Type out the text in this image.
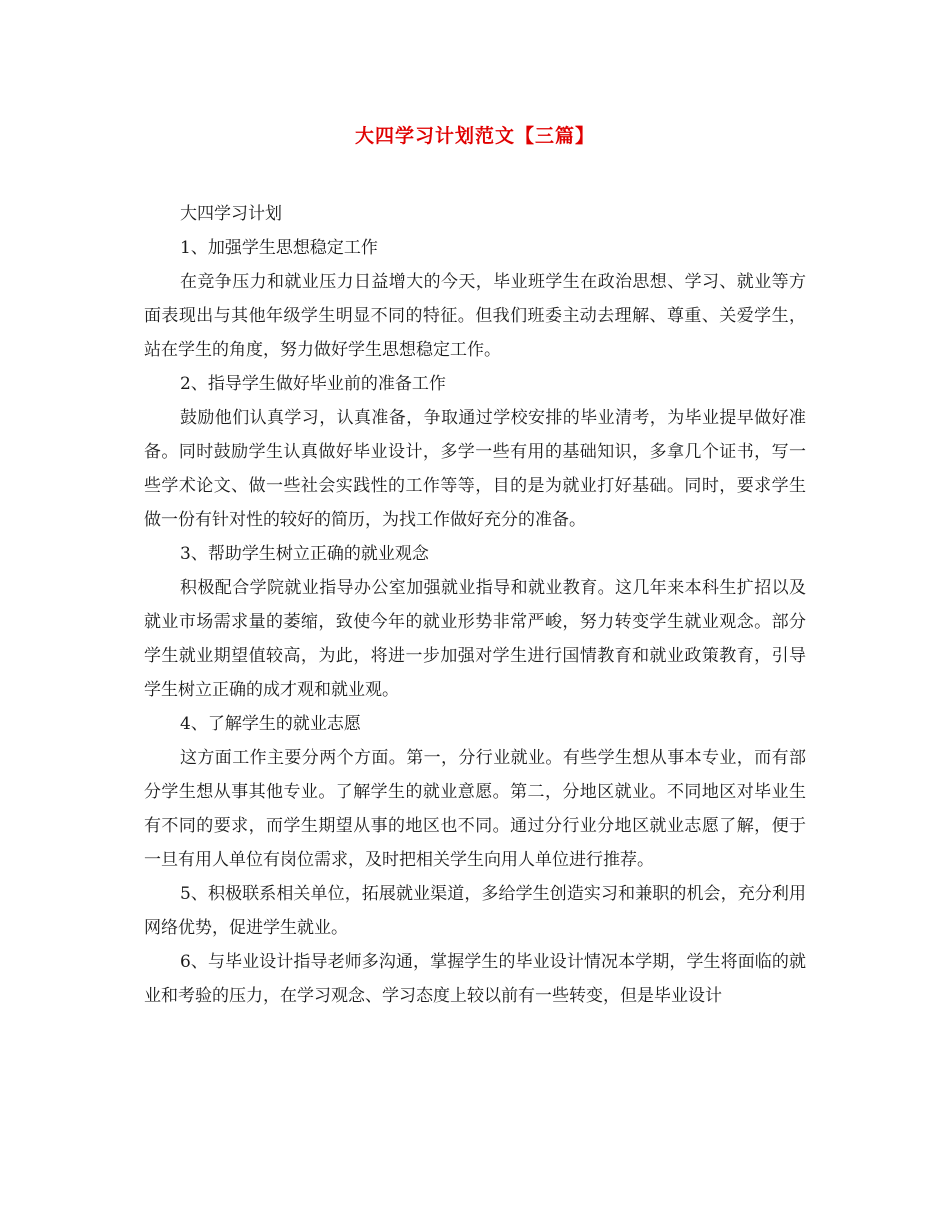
大四学习计划范文【三篇】

大四学习计划

1、加强学生思想稳定工作

在竞争压力和就业压力日益增大的今天，毕业班学生在政治思想、学习、就业等方面表现出与其他年级学生明显不同的特征。但我们班委主动去理解、尊重、关爱学生，站在学生的角度，努力做好学生思想稳定工作。

2、指导学生做好毕业前的准备工作

鼓励他们认真学习，认真准备，争取通过学校安排的毕业清考，为毕业提早做好准备。同时鼓励学生认真做好毕业设计，多学一些有用的基础知识，多拿几个证书，写一些学术论文、做一些社会实践性的工作等等，目的是为就业打好基础。同时，要求学生做一份有针对性的较好的简历，为找工作做好充分的准备。

3、帮助学生树立正确的就业观念

积极配合学院就业指导办公室加强就业指导和就业教育。这几年来本科生扩招以及就业市场需求量的萎缩，致使今年的就业形势非常严峻，努力转变学生就业观念。部分学生就业期望值较高，为此，将进一步加强对学生进行国情教育和就业政策教育，引导学生树立正确的成才观和就业观。

4、了解学生的就业志愿

这方面工作主要分两个方面。第一，分行业就业。有些学生想从事本专业，而有部分学生想从事其他专业。了解学生的就业意愿。第二，分地区就业。不同地区对毕业生有不同的要求，而学生期望从事的地区也不同。通过分行业分地区就业志愿了解，便于一旦有用人单位有岗位需求，及时把相关学生向用人单位进行推荐。

5、积极联系相关单位，拓展就业渠道，多给学生创造实习和兼职的机会，充分利用网络优势，促进学生就业。

6、与毕业设计指导老师多沟通，掌握学生的毕业设计情况本学期，学生将面临的就业和考验的压力，在学习观念、学习态度上较以前有一些转变，但是毕业设计
